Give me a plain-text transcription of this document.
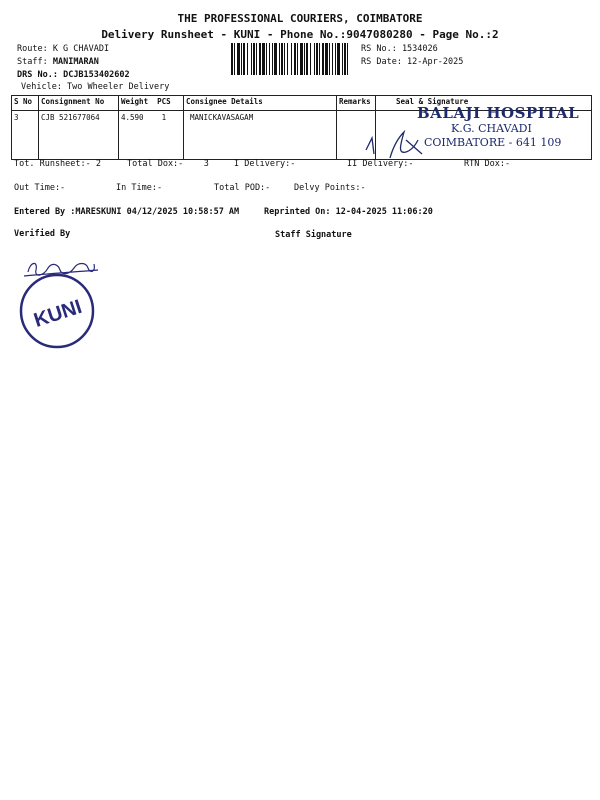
THE PROFESSIONAL COURIERS, COIMBATORE
Delivery Runsheet - KUNI - Phone No.:9047080280 - Page No.:2
Route: K G CHAVADI
Staff: MANIMARAN
DRS No.: DCJB153402602
Vehicle: Two Wheeler Delivery
RS No.: 1534026
RS Date: 12-Apr-2025
S No	Consignment No	Weight PCS	Consignee Details	Remarks	Seal & Signature
3	CJB 521677064	4.590 1	MANICKAVASAGAM			BALAJI HOSPITAL
K.G. CHAVADI
COIMBATORE - 641 109
Tot. Runsheet:- 2	Total Dox:- 3	I Delivery:-	II Delivery:-	RTN Dox:-
Out Time:-	In Time:-	Total POD:-	Delvy Points:-
Entered By :MARESKUNI 04/12/2025 10:58:57 AM	Reprinted On: 12-04-2025 11:06:20
Verified By	Staff Signature
KUNI
